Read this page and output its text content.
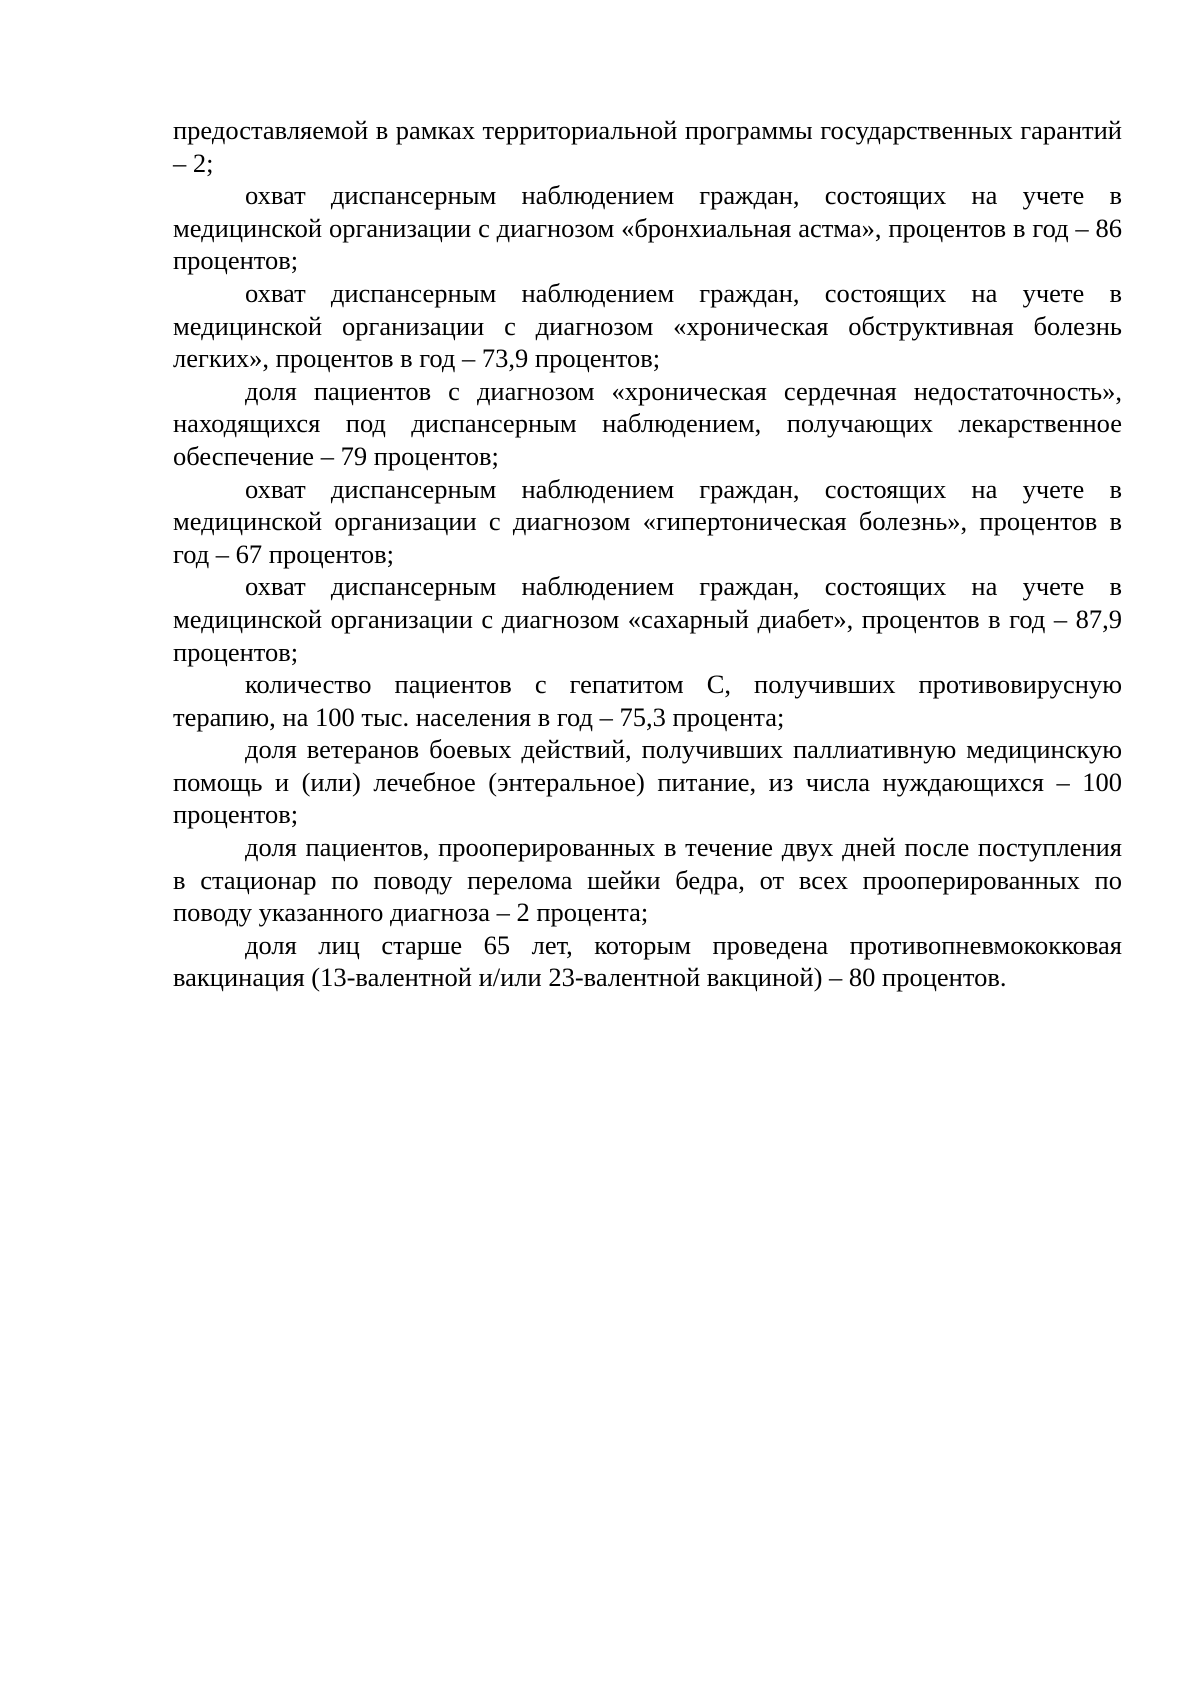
предоставляемой в рамках территориальной программы государственных гарантий – 2;

охват диспансерным наблюдением граждан, состоящих на учете в медицинской организации с диагнозом «бронхиальная астма», процентов в год – 86 процентов;

охват диспансерным наблюдением граждан, состоящих на учете в медицинской организации с диагнозом «хроническая обструктивная болезнь легких», процентов в год – 73,9 процентов;

доля пациентов с диагнозом «хроническая сердечная недостаточность», находящихся под диспансерным наблюдением, получающих лекарственное обеспечение – 79 процентов;

охват диспансерным наблюдением граждан, состоящих на учете в медицинской организации с диагнозом «гипертоническая болезнь», процентов в год – 67 процентов;

охват диспансерным наблюдением граждан, состоящих на учете в медицинской организации с диагнозом «сахарный диабет», процентов в год – 87,9 процентов;

количество пациентов с гепатитом С, получивших противовирусную терапию, на 100 тыс. населения в год – 75,3 процента;

доля ветеранов боевых действий, получивших паллиативную медицинскую помощь и (или) лечебное (энтеральное) питание, из числа нуждающихся – 100 процентов;

доля пациентов, прооперированных в течение двух дней после поступления в стационар по поводу перелома шейки бедра, от всех прооперированных по поводу указанного диагноза – 2 процента;

доля лиц старше 65 лет, которым проведена противопневмококковая вакцинация (13-валентной и/или 23-валентной вакциной) – 80 процентов.
